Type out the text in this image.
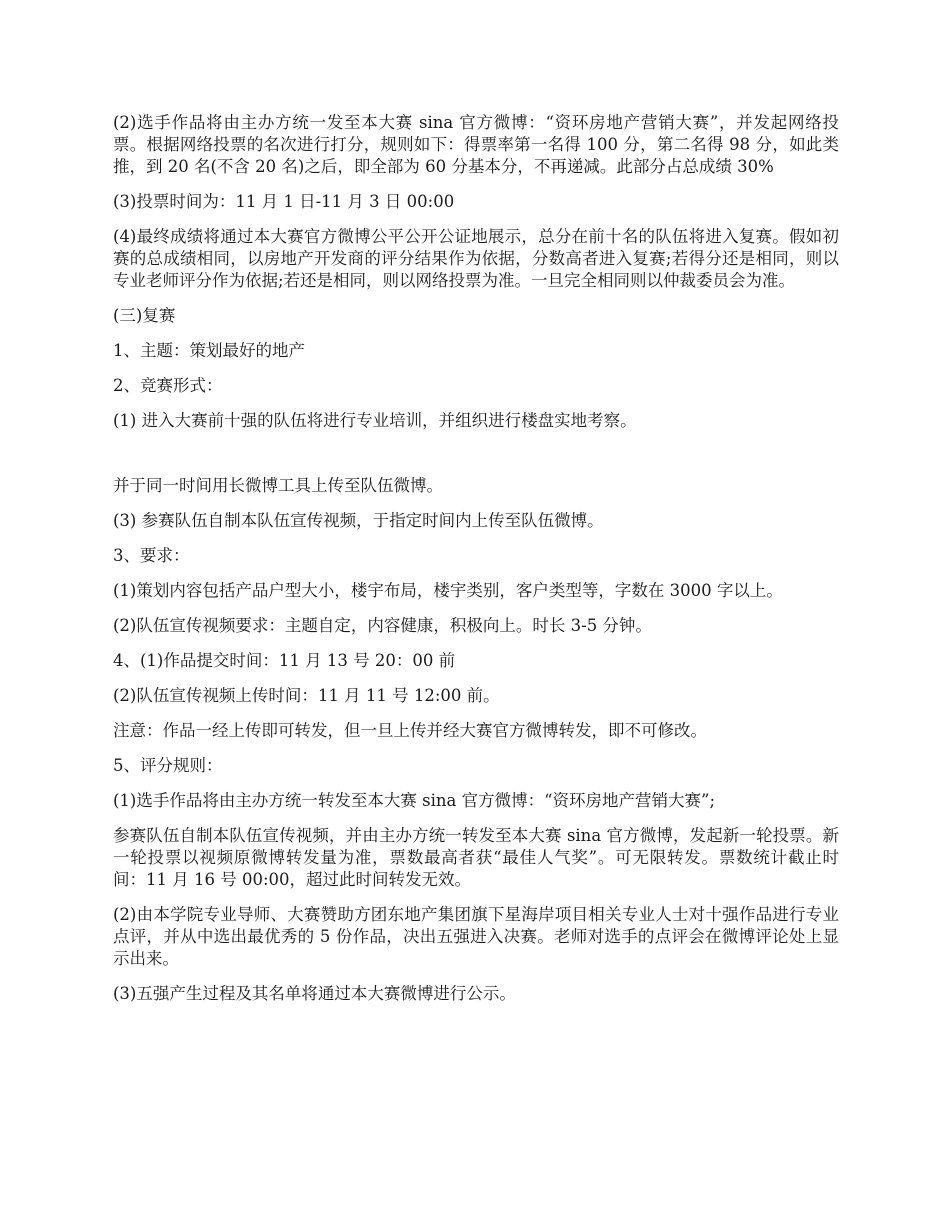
(2)选手作品将由主办方统一发至本大赛 sina 官方微博：“资环房地产营销大赛”，并发起网络投票。根据网络投票的名次进行打分，规则如下：得票率第一名得 100 分，第二名得 98 分，如此类推，到 20 名(不含 20 名)之后，即全部为 60 分基本分，不再递减。此部分占总成绩 30%

(3)投票时间为：11 月 1 日-11 月 3 日 00:00

(4)最终成绩将通过本大赛官方微博公平公开公证地展示，总分在前十名的队伍将进入复赛。假如初赛的总成绩相同，以房地产开发商的评分结果作为依据，分数高者进入复赛;若得分还是相同，则以专业老师评分作为依据;若还是相同，则以网络投票为准。一旦完全相同则以仲裁委员会为准。

(三)复赛

1、主题：策划最好的地产

2、竞赛形式：

(1) 进入大赛前十强的队伍将进行专业培训，并组织进行楼盘实地考察。

并于同一时间用长微博工具上传至队伍微博。

(3) 参赛队伍自制本队伍宣传视频，于指定时间内上传至队伍微博。

3、要求：

(1)策划内容包括产品户型大小，楼宇布局，楼宇类别，客户类型等，字数在 3000 字以上。

(2)队伍宣传视频要求：主题自定，内容健康，积极向上。时长 3-5 分钟。

4、(1)作品提交时间：11 月 13 号 20：00 前

(2)队伍宣传视频上传时间：11 月 11 号 12:00 前。

注意：作品一经上传即可转发，但一旦上传并经大赛官方微博转发，即不可修改。

5、评分规则：

(1)选手作品将由主办方统一转发至本大赛 sina 官方微博：“资环房地产营销大赛”;

参赛队伍自制本队伍宣传视频，并由主办方统一转发至本大赛 sina 官方微博，发起新一轮投票。新一轮投票以视频原微博转发量为准，票数最高者获“最佳人气奖”。可无限转发。票数统计截止时间：11 月 16 号 00:00，超过此时间转发无效。

(2)由本学院专业导师、大赛赞助方团东地产集团旗下星海岸项目相关专业人士对十强作品进行专业点评，并从中选出最优秀的 5 份作品，决出五强进入决赛。老师对选手的点评会在微博评论处上显示出来。

(3)五强产生过程及其名单将通过本大赛微博进行公示。
